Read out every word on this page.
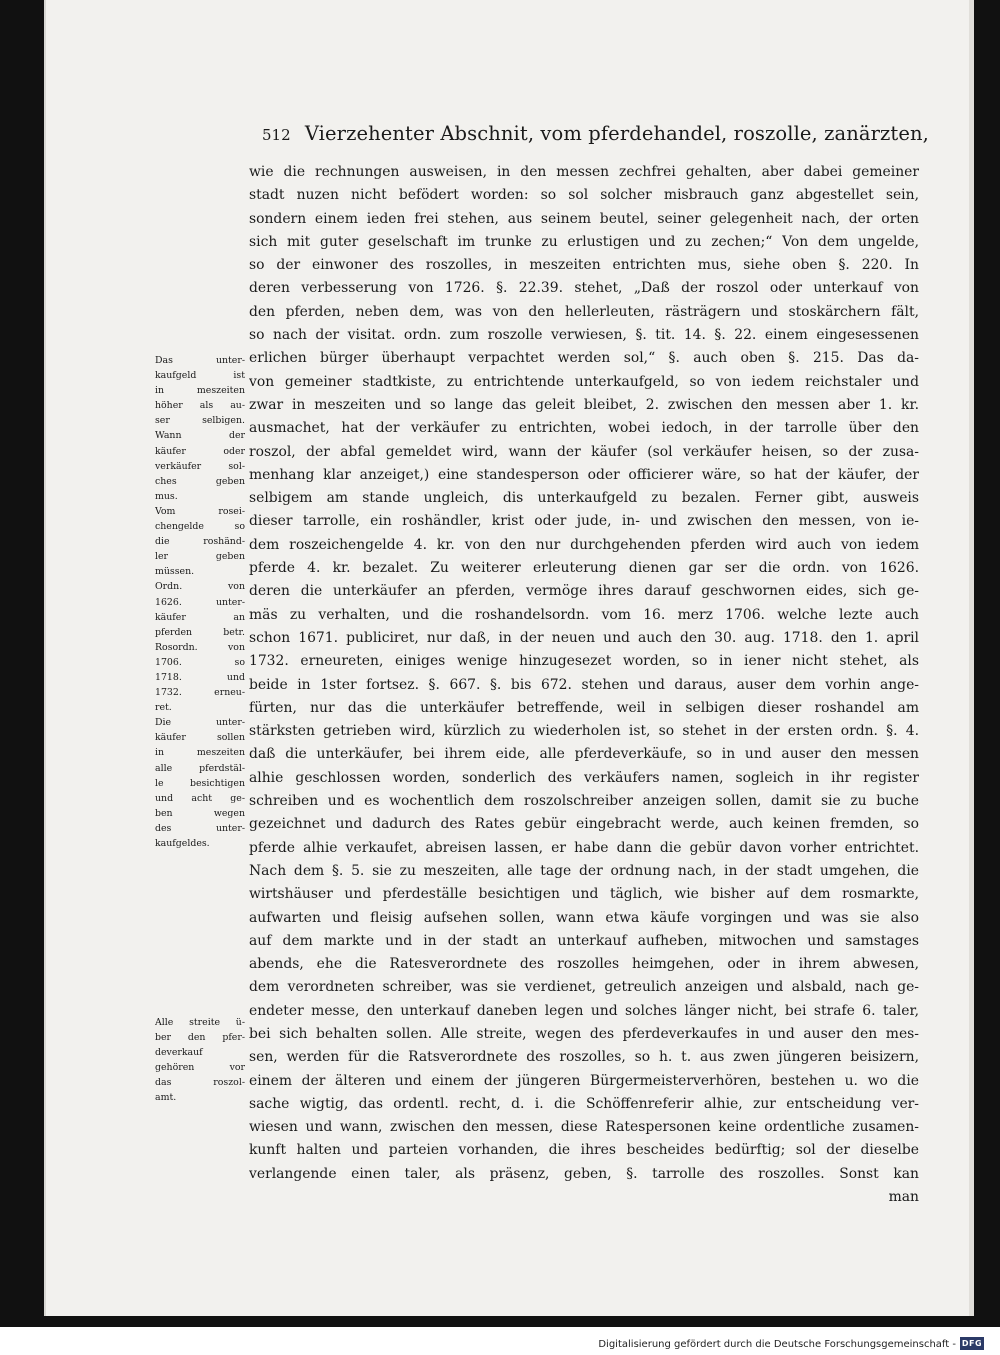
512 Vierzehenter Abschnit, vom pferdehandel, roszolle, zanärzten,
wie die rechnungen ausweisen, in den messen zechfrei gehalten, aber dabei gemeiner
stadt nuzen nicht befödert worden: so sol solcher misbrauch ganz abgestellet sein,
sondern einem ieden frei stehen, aus seinem beutel, seiner gelegenheit nach, der orten
sich mit guter geselschaft im trunke zu erlustigen und zu zechen;“ Von dem ungelde,
so der einwoner des roszolles, in meszeiten entrichten mus, siehe oben §. 220. In
deren verbesserung von 1726. §. 22.39. stehet, „Daß der roszol oder unterkauf von
den pferden, neben dem, was von den hellerleuten, rästrägern und stoskärchern fält,
so nach der visitat. ordn. zum roszolle verwiesen, §. tit. 14. §. 22. einem eingesessenen
erlichen bürger überhaupt verpachtet werden sol,“ §. auch oben §. 215. Das da-
von gemeiner stadtkiste, zu entrichtende unterkaufgeld, so von iedem reichstaler und
zwar in meszeiten und so lange das geleit bleibet, 2. zwischen den messen aber 1. kr.
ausmachet, hat der verkäufer zu entrichten, wobei iedoch, in der tarrolle über den
roszol, der abfal gemeldet wird, wann der käufer (sol verkäufer heisen, so der zusa-
menhang klar anzeiget,) eine standesperson oder officierer wäre, so hat der käufer, der
selbigem am stande ungleich, dis unterkaufgeld zu bezalen. Ferner gibt, ausweis
dieser tarrolle, ein roshändler, krist oder jude, in- und zwischen den messen, von ie-
dem roszeichengelde 4. kr. von den nur durchgehenden pferden wird auch von iedem
pferde 4. kr. bezalet. Zu weiterer erleuterung dienen gar ser die ordn. von 1626.
deren die unterkäufer an pferden, vermöge ihres darauf geschwornen eides, sich ge-
mäs zu verhalten, und die roshandelsordn. vom 16. merz 1706. welche lezte auch
schon 1671. publiciret, nur daß, in der neuen und auch den 30. aug. 1718. den 1. april
1732. erneureten, einiges wenige hinzugesezet worden, so in iener nicht stehet, als
beide in 1ster fortsez. §. 667. §. bis 672. stehen und daraus, auser dem vorhin ange-
fürten, nur das die unterkäufer betreffende, weil in selbigen dieser roshandel am
stärksten getrieben wird, kürzlich zu wiederholen ist, so stehet in der ersten ordn. §. 4.
daß die unterkäufer, bei ihrem eide, alle pferdeverkäufe, so in und auser den messen
alhie geschlossen worden, sonderlich des verkäufers namen, sogleich in ihr register
schreiben und es wochentlich dem roszolschreiber anzeigen sollen, damit sie zu buche
gezeichnet und dadurch des Rates gebür eingebracht werde, auch keinen fremden, so
pferde alhie verkaufet, abreisen lassen, er habe dann die gebür davon vorher entrichtet.
Nach dem §. 5. sie zu meszeiten, alle tage der ordnung nach, in der stadt umgehen, die
wirtshäuser und pferdeställe besichtigen und täglich, wie bisher auf dem rosmarkte,
aufwarten und fleisig aufsehen sollen, wann etwa käufe vorgingen und was sie also
auf dem markte und in der stadt an unterkauf aufheben, mitwochen und samstages
abends, ehe die Ratesverordnete des roszolles heimgehen, oder in ihrem abwesen,
dem verordneten schreiber, was sie verdienet, getreulich anzeigen und alsbald, nach ge-
endeter messe, den unterkauf daneben legen und solches länger nicht, bei strafe 6. taler,
bei sich behalten sollen. Alle streite, wegen des pferdeverkaufes in und auser den mes-
sen, werden für die Ratsverordnete des roszolles, so h. t. aus zwen jüngeren beisizern,
einem der älteren und einem der jüngeren Bürgermeisterverhören, bestehen u. wo die
sache wigtig, das ordentl. recht, d. i. die Schöffenreferir alhie, zur entscheidung ver-
wiesen und wann, zwischen den messen, diese Ratespersonen keine ordentliche zusamen-
kunft halten und parteien vorhanden, die ihres bescheides bedürftig; sol der dieselbe
verlangende einen taler, als präsenz, geben, §. tarrolle des roszolles. Sonst kan
man
Das unter-
kaufgeld ist
in meszeiten
höher als au-
ser selbigen.
Wann der
käufer oder
verkäufer sol-
ches geben
mus.
Vom rosei-
chengelde so
die roshänd-
ler geben
müssen.
Ordn. von
1626. unter-
käufer an
pferden betr.
Rosordn. von
1706. so
1718. und
1732. erneu-
ret.
Die unter-
käufer sollen
in meszeiten
alle pferdstäl-
le besichtigen
und acht ge-
ben wegen
des unter-
kaufgeldes.
Alle streite ü-
ber den pfer-
deverkauf
gehören vor
das roszol-
amt.
Digitalisierung gefördert durch die Deutsche Forschungsgemeinschaft - DFG
